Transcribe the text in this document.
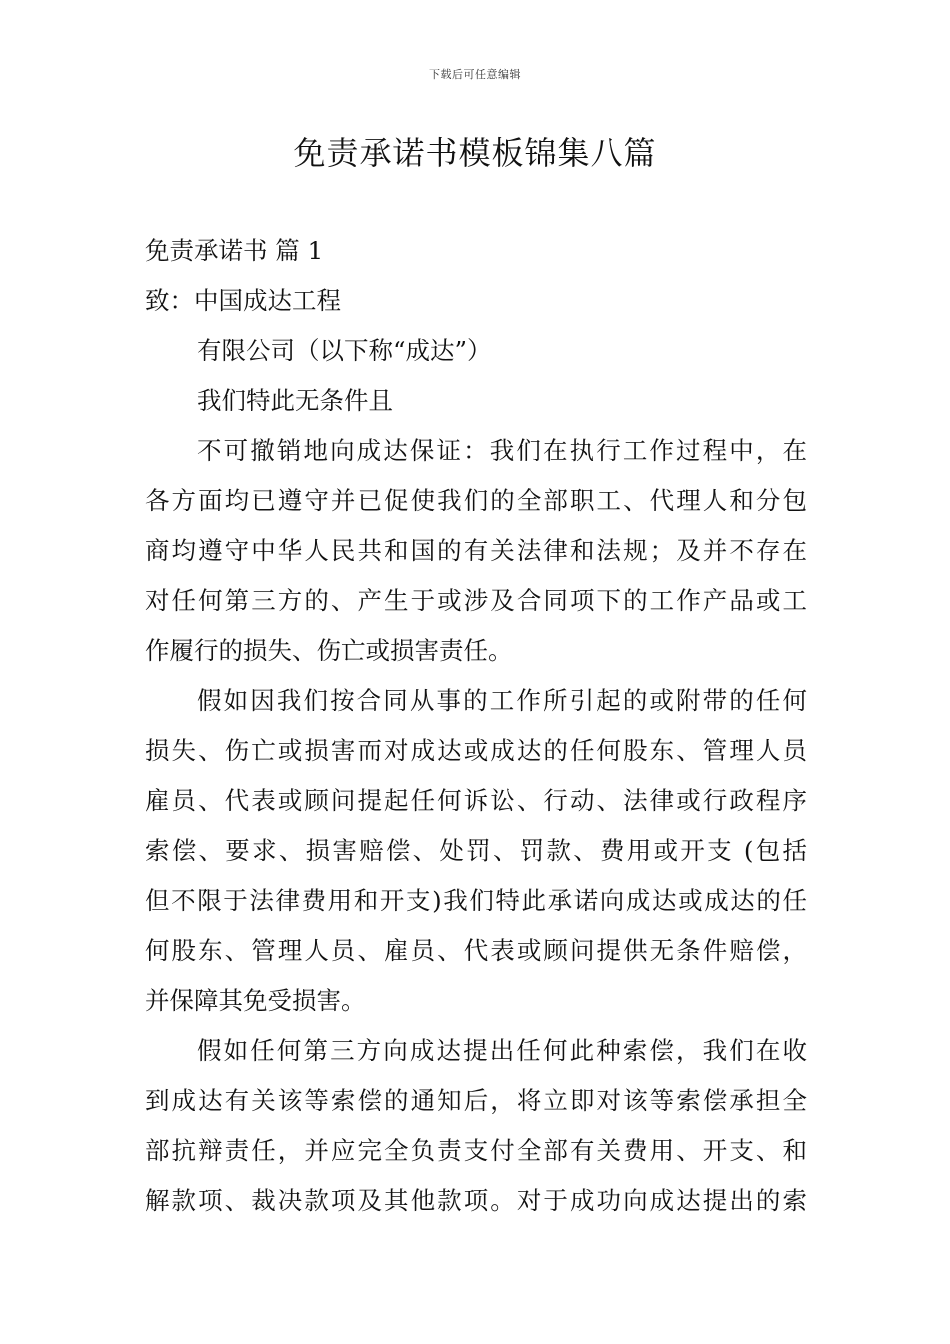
下载后可任意编辑
免责承诺书模板锦集八篇

免责承诺书 篇 1

致：中国成达工程

有限公司（以下称“成达”）

我们特此无条件且

不可撤销地向成达保证：我们在执行工作过程中，在

各方面均已遵守并已促使我们的全部职工、代理人和分包

商均遵守中华人民共和国的有关法律和法规；及并不存在

对任何第三方的、产生于或涉及合同项下的工作产品或工

作履行的损失、伤亡或损害责任。

假如因我们按合同从事的工作所引起的或附带的任何

损失、伤亡或损害而对成达或成达的任何股东、管理人员

雇员、代表或顾问提起任何诉讼、行动、法律或行政程序

索偿、要求、损害赔偿、处罚、罚款、费用或开支 (包括

但不限于法律费用和开支)我们特此承诺向成达或成达的任

何股东、管理人员、雇员、代表或顾问提供无条件赔偿，

并保障其免受损害。

假如任何第三方向成达提出任何此种索偿，我们在收

到成达有关该等索偿的通知后，将立即对该等索偿承担全

部抗辩责任，并应完全负责支付全部有关费用、开支、和

解款项、裁决款项及其他款项。对于成功向成达提出的索
